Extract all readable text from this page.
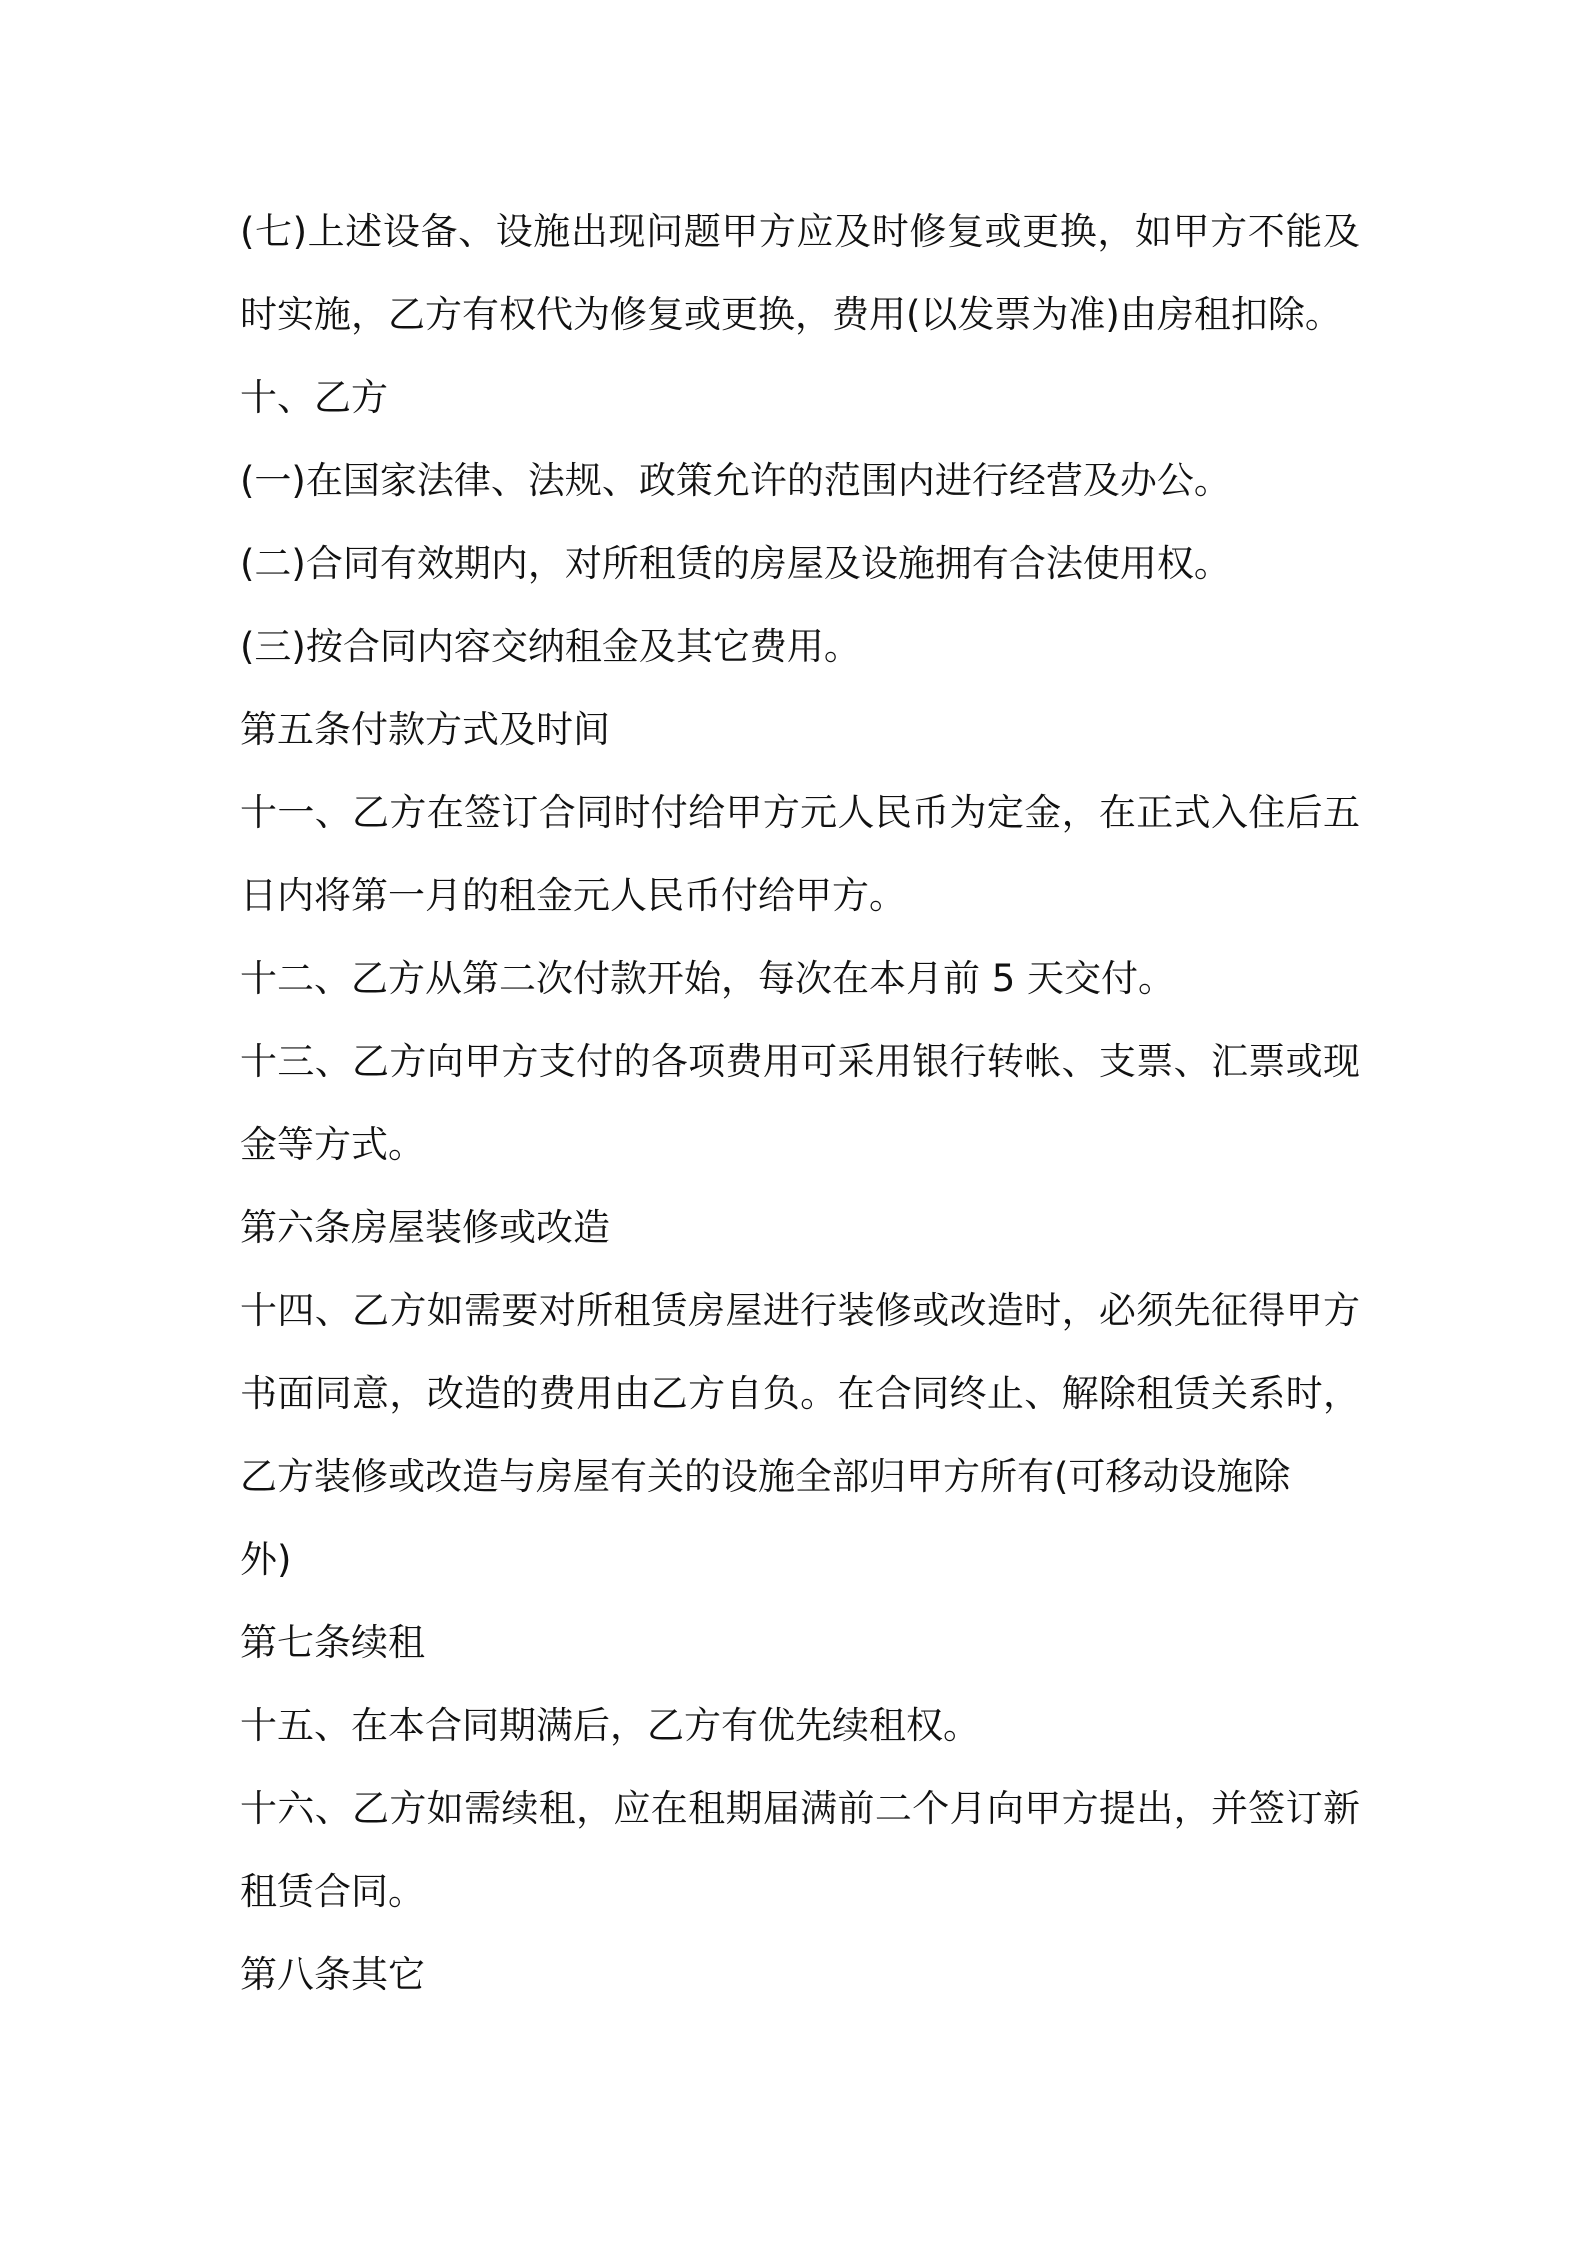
(七)上述设备、设施出现问题甲方应及时修复或更换，如甲方不能及

时实施，乙方有权代为修复或更换，费用(以发票为准)由房租扣除。

十、乙方

(一)在国家法律、法规、政策允许的范围内进行经营及办公。

(二)合同有效期内，对所租赁的房屋及设施拥有合法使用权。

(三)按合同内容交纳租金及其它费用。

第五条付款方式及时间

十一、乙方在签订合同时付给甲方元人民币为定金，在正式入住后五

日内将第一月的租金元人民币付给甲方。

十二、乙方从第二次付款开始，每次在本月前 5 天交付。

十三、乙方向甲方支付的各项费用可采用银行转帐、支票、汇票或现

金等方式。

第六条房屋装修或改造

十四、乙方如需要对所租赁房屋进行装修或改造时，必须先征得甲方

书面同意，改造的费用由乙方自负。在合同终止、解除租赁关系时，

乙方装修或改造与房屋有关的设施全部归甲方所有(可移动设施除

外)

第七条续租

十五、在本合同期满后，乙方有优先续租权。

十六、乙方如需续租，应在租期届满前二个月向甲方提出，并签订新

租赁合同。

第八条其它
